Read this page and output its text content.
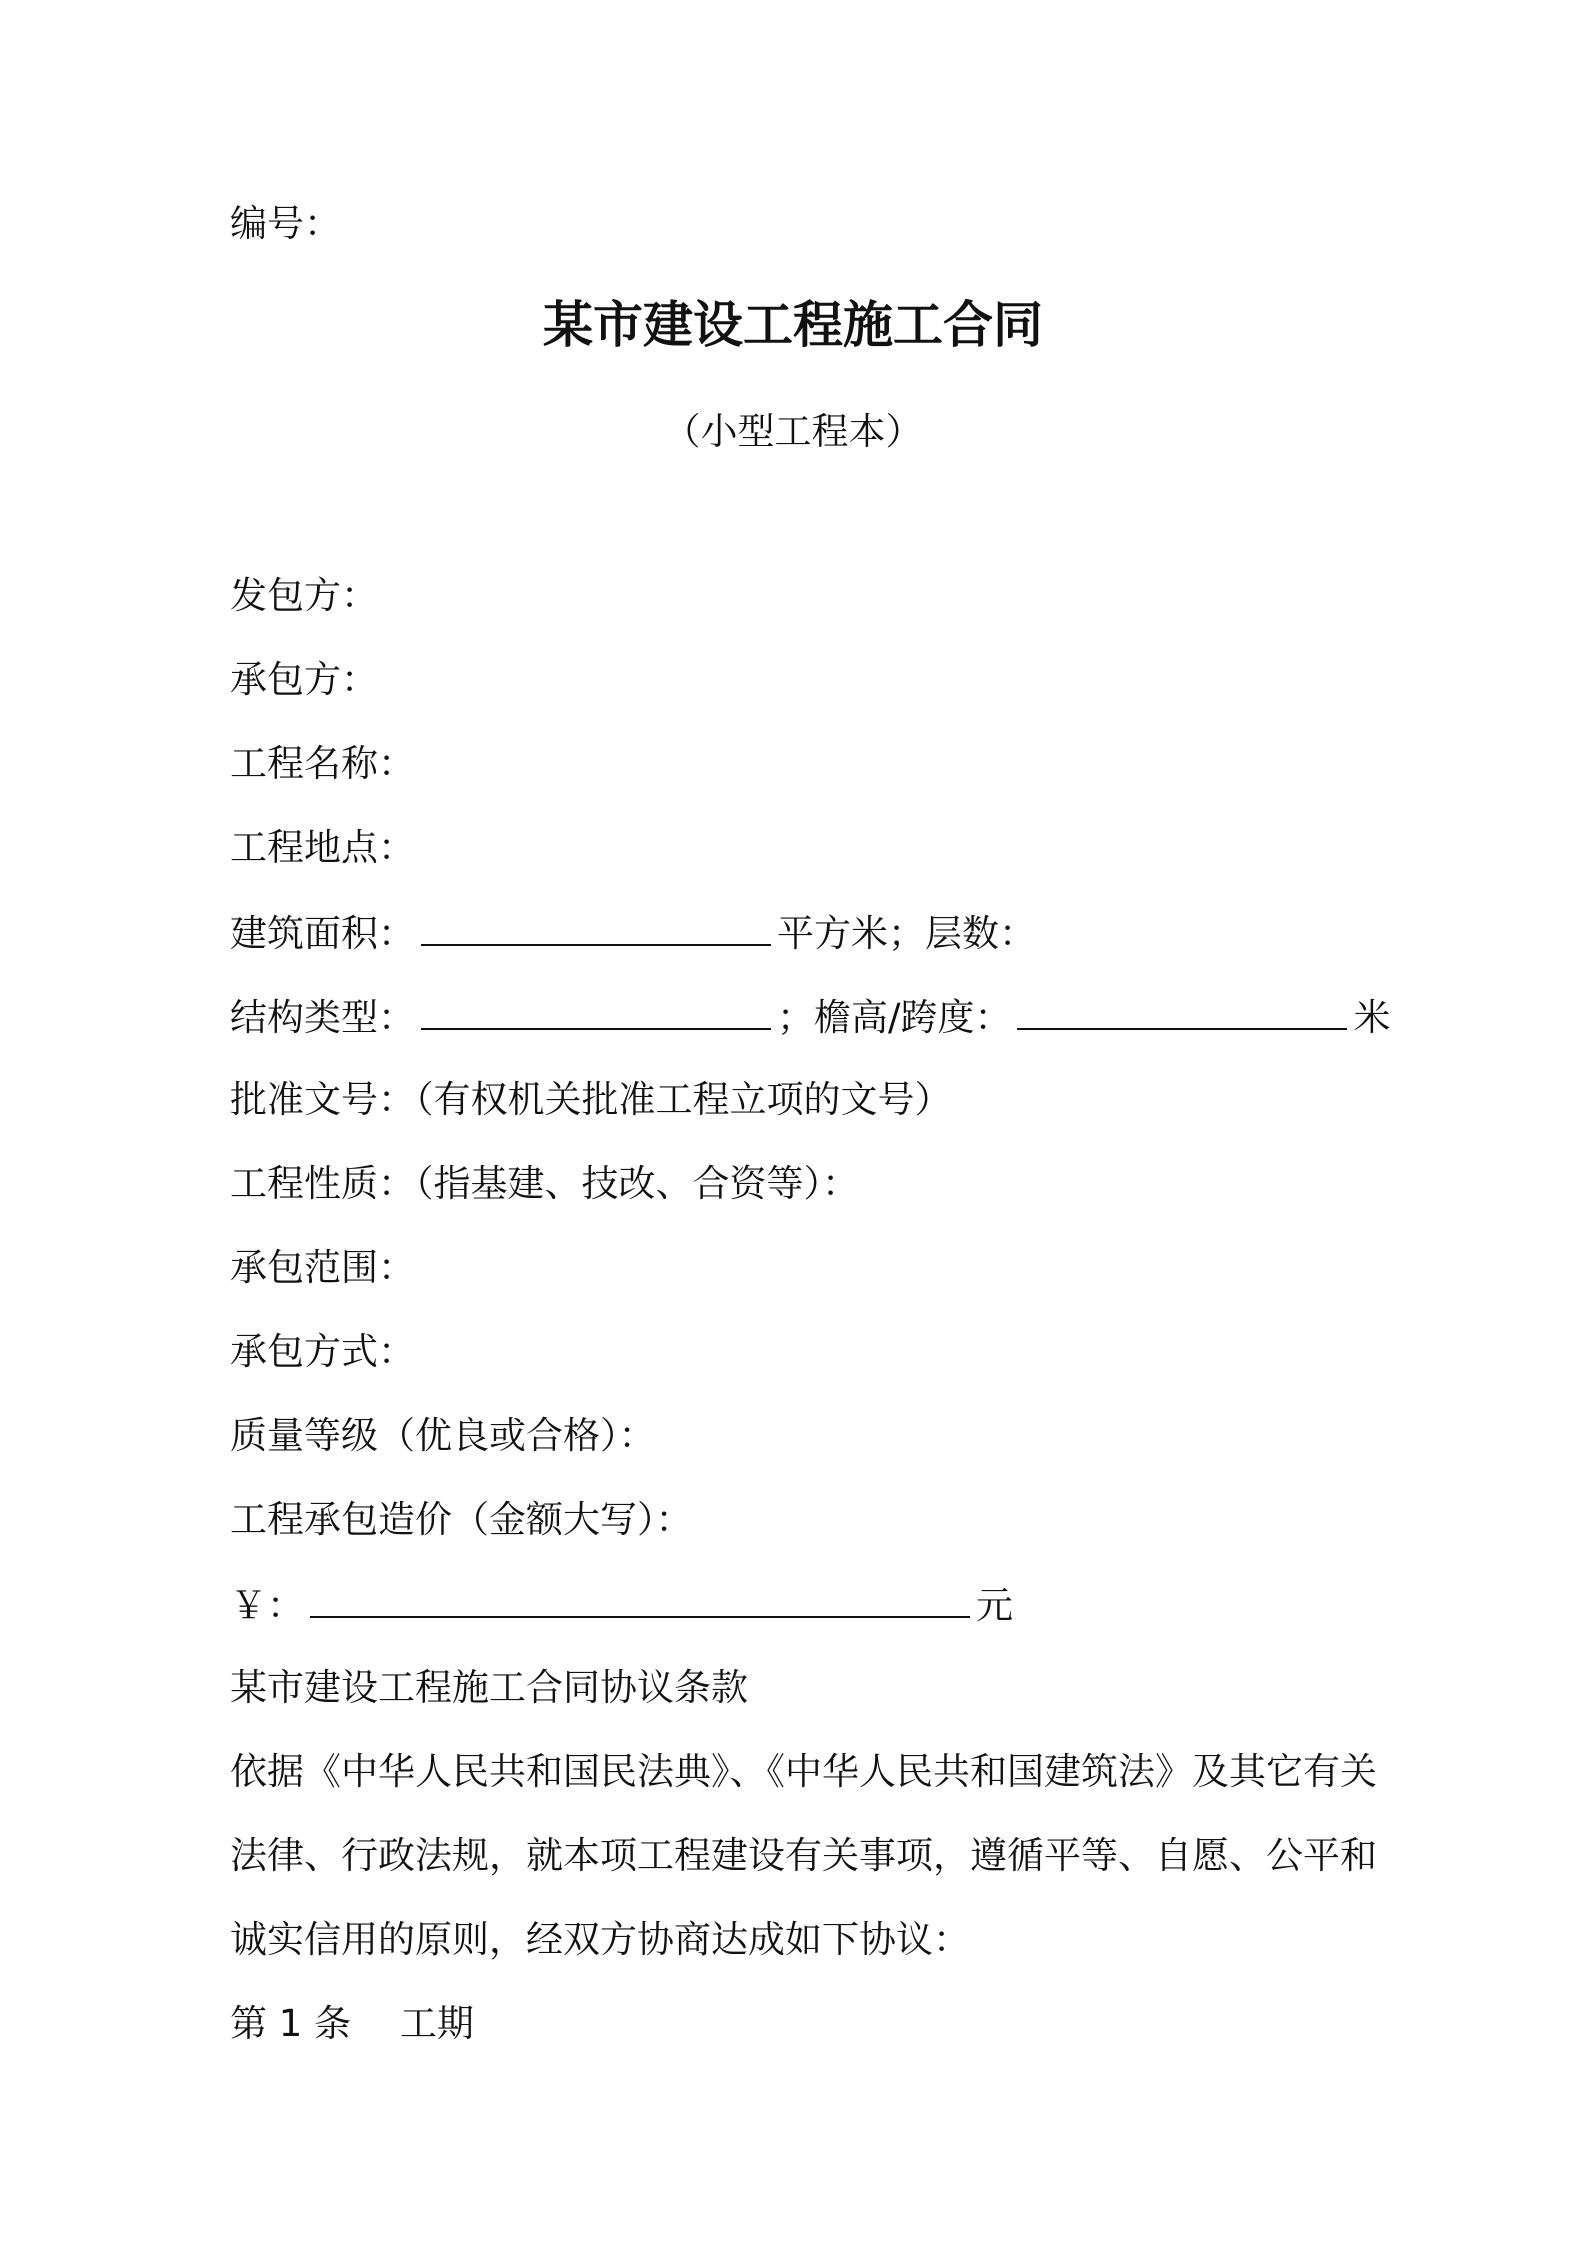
编号：
某市建设工程施工合同
（小型工程本）
发包方：
承包方：
工程名称：
工程地点：
建筑面积：	平方米；层数：
结构类型：	；檐高/跨度：	米
批准文号：（有权机关批准工程立项的文号）
工程性质：（指基建、技改、合资等）：
承包范围：
承包方式：
质量等级（优良或合格）：
工程承包造价（金额大写）：
￥：	元
某市建设工程施工合同协议条款
依据《中华人民共和国民法典》、《中华人民共和国建筑法》及其它有关
法律、行政法规，就本项工程建设有关事项，遵循平等、自愿、公平和
诚实信用的原则，经双方协商达成如下协议：
第 1 条　 工期
